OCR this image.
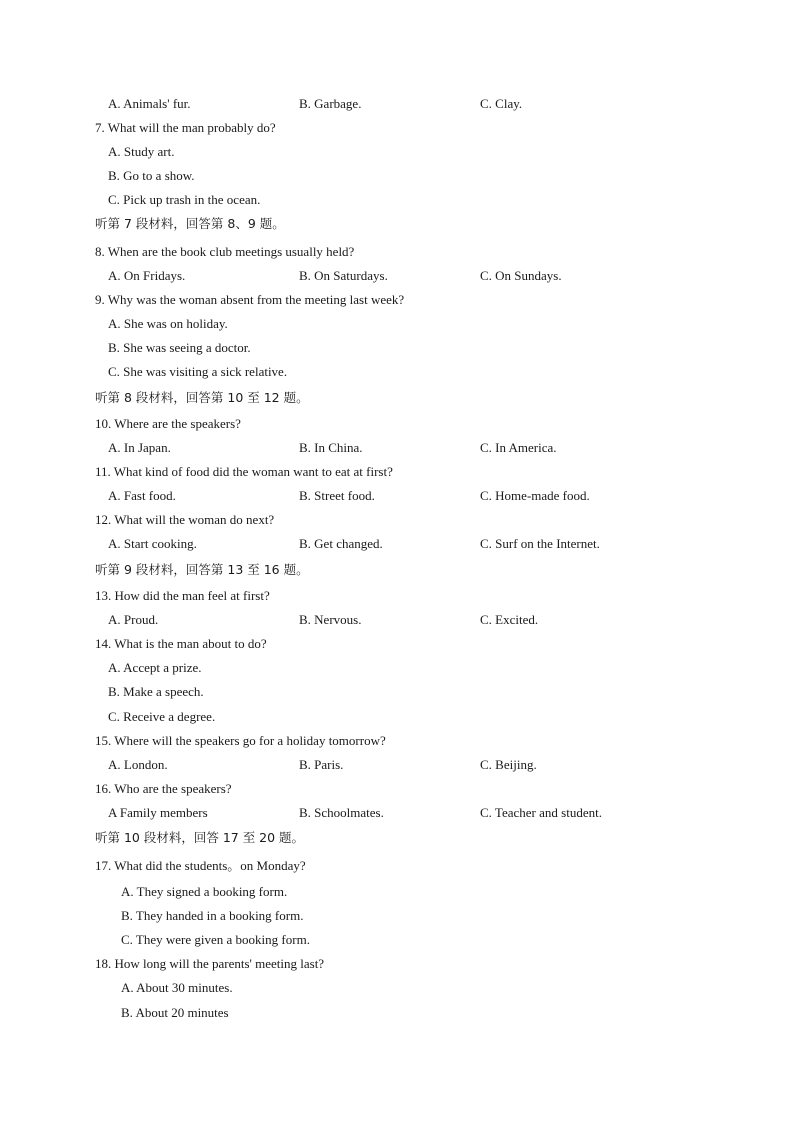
A. Animals' fur.	B. Garbage.	C. Clay.
7. What will the man probably do?
A. Study art.
B. Go to a show.
C. Pick up trash in the ocean.
听第 7 段材料，回答第 8、9 题。
8. When are the book club meetings usually held?
A. On Fridays.	B. On Saturdays.	C. On Sundays.
9. Why was the woman absent from the meeting last week?
A. She was on holiday.
B. She was seeing a doctor.
C. She was visiting a sick relative.
听第 8 段材料，回答第 10 至 12 题。
10. Where are the speakers?
A. In Japan.	B. In China.	C. In America.
11. What kind of food did the woman want to eat at first?
A. Fast food.	B. Street food.	C. Home-made food.
12. What will the woman do next?
A. Start cooking.	B. Get changed.	C. Surf on the Internet.
听第 9 段材料，回答第 13 至 16 题。
13. How did the man feel at first?
A. Proud.	B. Nervous.	C. Excited.
14. What is the man about to do?
A. Accept a prize.
B. Make a speech.
C. Receive a degree.
15. Where will the speakers go for a holiday tomorrow?
A. London.	B. Paris.	C. Beijing.
16. Who are the speakers?
A Family members	B. Schoolmates.	C. Teacher and student.
听第 10 段材料，回答 17 至 20 题。
17. What did the students。on Monday?
A. They signed a booking form.
B. They handed in a booking form.
C. They were given a booking form.
18. How long will the parents' meeting last?
A. About 30 minutes.
B. About 20 minutes
